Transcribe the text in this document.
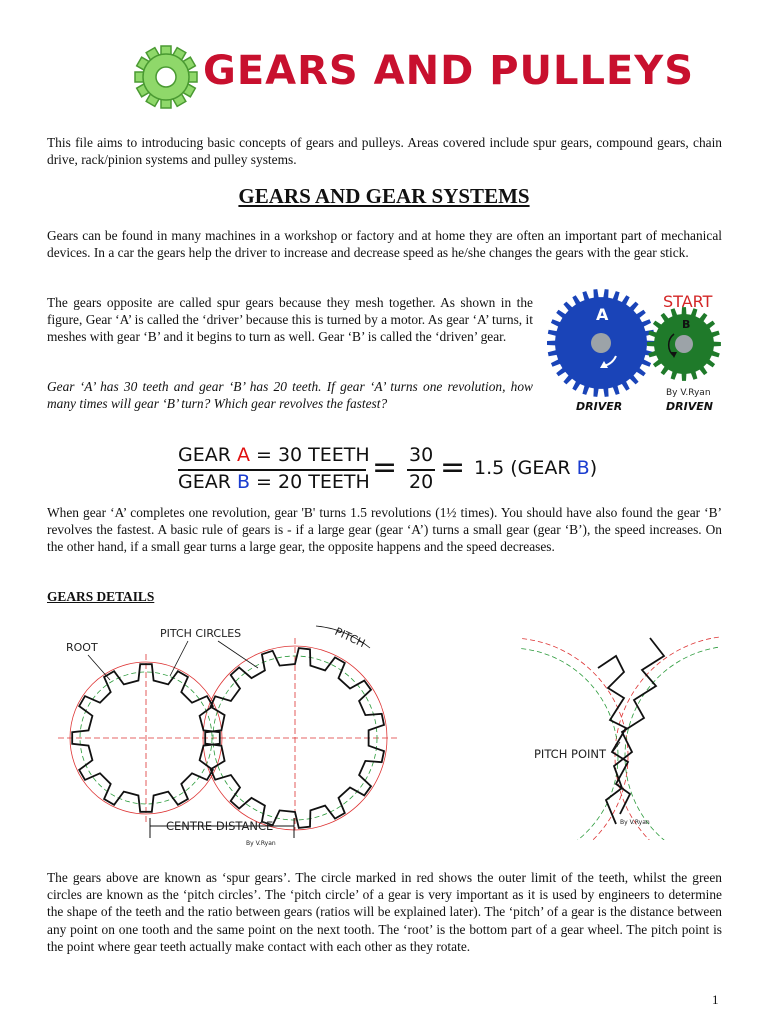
GEARS AND PULLEYS
This file aims to introducing basic concepts of gears and pulleys. Areas covered include spur gears, compound gears, chain drive, rack/pinion systems and pulley systems.
GEARS AND GEAR SYSTEMS
Gears can be found in many machines in a workshop or factory and at home they are often an important part of mechanical devices. In a car the gears help the driver to increase and decrease speed as he/she changes the gears with the gear stick.
The gears opposite are called spur gears because they mesh together. As shown in the figure, Gear ‘A’ is called the ‘driver’ because this is turned by a motor. As gear ‘A’ turns, it meshes with gear ‘B’ and it begins to turn as well. Gear ‘B’ is called the ‘driven’ gear.
Gear ‘A’ has 30 teeth and gear ‘B’ has 20 teeth. If gear ‘A’ turns one revolution, how many times will gear ‘B’ turn? Which gear revolves the fastest?
A
B
START
By V.Ryan
DRIVER	DRIVEN
GEAR A = 30 TEETH
GEAR B = 20 TEETH = 30
20 = 1.5 (GEAR B)
When gear ‘A’ completes one revolution, gear 'B' turns 1.5 revolutions (1½ times). You should have also found the gear ‘B’ revolves the fastest. A basic rule of gears is - if a large gear (gear ‘A’) turns a small gear (gear ‘B’), the speed increases. On the other hand, if a small gear turns a large gear, the opposite happens and the speed decreases.
GEARS DETAILS
ROOT
PITCH CIRCLES	PITCH
CENTRE DISTANCE
By V.Ryan
PITCH POINT
By V.Ryan
The gears above are known as ‘spur gears’. The circle marked in red shows the outer limit of the teeth, whilst the green circles are known as the ‘pitch circles’. The ‘pitch circle’ of a gear is very important as it is used by engineers to determine the shape of the teeth and the ratio between gears (ratios will be explained later). The ‘pitch’ of a gear is the distance between any point on one tooth and the same point on the next tooth. The ‘root’ is the bottom part of a gear wheel. The pitch point is the point where gear teeth actually make contact with each other as they rotate.
1
